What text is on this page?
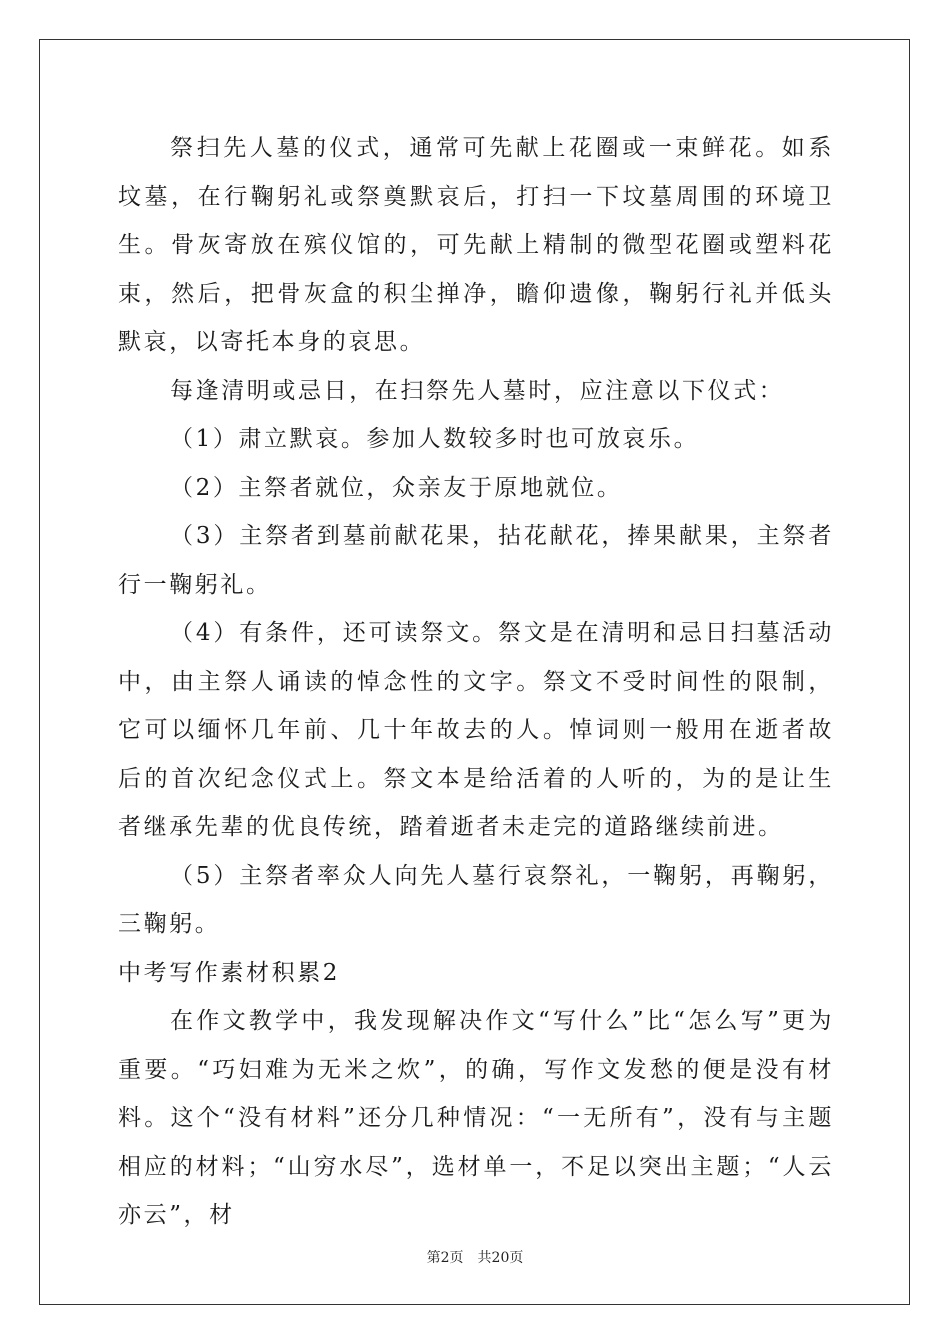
祭扫先人墓的仪式，通常可先献上花圈或一束鲜花。如系坟墓，在行鞠躬礼或祭奠默哀后，打扫一下坟墓周围的环境卫生。骨灰寄放在殡仪馆的，可先献上精制的微型花圈或塑料花束，然后，把骨灰盒的积尘掸净，瞻仰遗像，鞠躬行礼并低头默哀，以寄托本身的哀思。

每逢清明或忌日，在扫祭先人墓时，应注意以下仪式：

（1）肃立默哀。参加人数较多时也可放哀乐。

（2）主祭者就位，众亲友于原地就位。

（3）主祭者到墓前献花果，拈花献花，捧果献果，主祭者行一鞠躬礼。

（4）有条件，还可读祭文。祭文是在清明和忌日扫墓活动中，由主祭人诵读的悼念性的文字。祭文不受时间性的限制，它可以缅怀几年前、几十年故去的人。悼词则一般用在逝者故后的首次纪念仪式上。祭文本是给活着的人听的，为的是让生者继承先辈的优良传统，踏着逝者未走完的道路继续前进。

（5）主祭者率众人向先人墓行哀祭礼，一鞠躬，再鞠躬，三鞠躬。

中考写作素材积累2

在作文教学中，我发现解决作文“写什么”比“怎么写”更为重要。“巧妇难为无米之炊”，的确，写作文发愁的便是没有材料。这个“没有材料”还分几种情况：“一无所有”，没有与主题相应的材料；“山穷水尽”，选材单一，不足以突出主题；“人云亦云”，材

第2页 共20页
